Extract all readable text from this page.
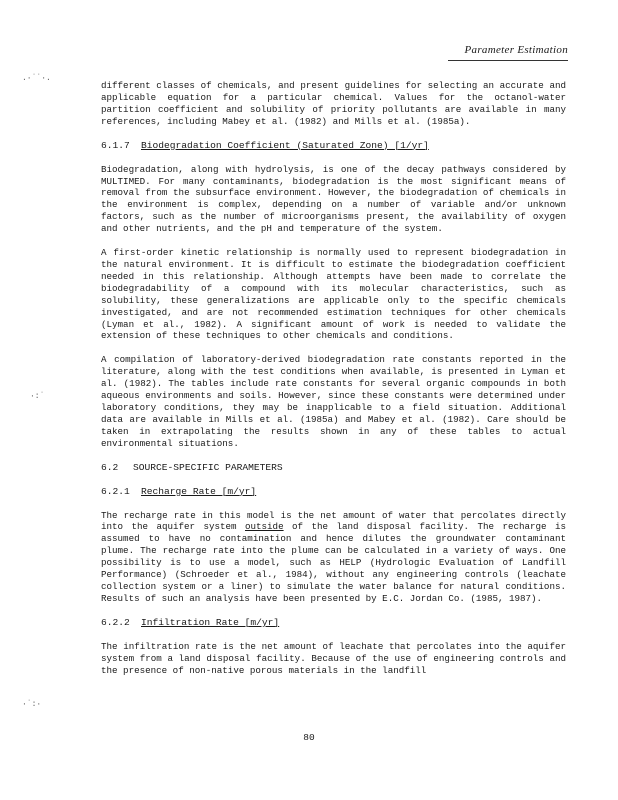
Parameter Estimation
.·˙˙·.
·:˙
·˙:·

different classes of chemicals, and present guidelines for selecting an accurate and applicable equation for a particular chemical. Values for the octanol-water partition coefficient and solubility of priority pollutants are available in many references, including Mabey et al. (1982) and Mills et al. (1985a).

6.1.7 Biodegradation Coefficient (Saturated Zone) [1/yr]

Biodegradation, along with hydrolysis, is one of the decay pathways considered by MULTIMED. For many contaminants, biodegradation is the most significant means of removal from the subsurface environment. However, the biodegradation of chemicals in the environment is complex, depending on a number of variable and/or unknown factors, such as the number of microorganisms present, the availability of oxygen and other nutrients, and the pH and temperature of the system.

A first-order kinetic relationship is normally used to represent biodegradation in the natural environment. It is difficult to estimate the biodegradation coefficient needed in this relationship. Although attempts have been made to correlate the biodegradability of a compound with its molecular characteristics, such as solubility, these generalizations are applicable only to the specific chemicals investigated, and are not recommended estimation techniques for other chemicals (Lyman et al., 1982). A significant amount of work is needed to validate the extension of these techniques to other chemicals and conditions.

A compilation of laboratory-derived biodegradation rate constants reported in the literature, along with the test conditions when available, is presented in Lyman et al. (1982). The tables include rate constants for several organic compounds in both aqueous environments and soils. However, since these constants were determined under laboratory conditions, they may be inapplicable to a field situation. Additional data are available in Mills et al. (1985a) and Mabey et al. (1982). Care should be taken in extrapolating the results shown in any of these tables to actual environmental situations.

6.2 SOURCE-SPECIFIC PARAMETERS

6.2.1 Recharge Rate [m/yr]

The recharge rate in this model is the net amount of water that percolates directly into the aquifer system outside of the land disposal facility. The recharge is assumed to have no contamination and hence dilutes the groundwater contaminant plume. The recharge rate into the plume can be calculated in a variety of ways. One possibility is to use a model, such as HELP (Hydrologic Evaluation of Landfill Performance) (Schroeder et al., 1984), without any engineering controls (leachate collection system or a liner) to simulate the water balance for natural conditions. Results of such an analysis have been presented by E.C. Jordan Co. (1985, 1987).

6.2.2 Infiltration Rate [m/yr]

The infiltration rate is the net amount of leachate that percolates into the aquifer system from a land disposal facility. Because of the use of engineering controls and the presence of non-native porous materials in the landfill

80
